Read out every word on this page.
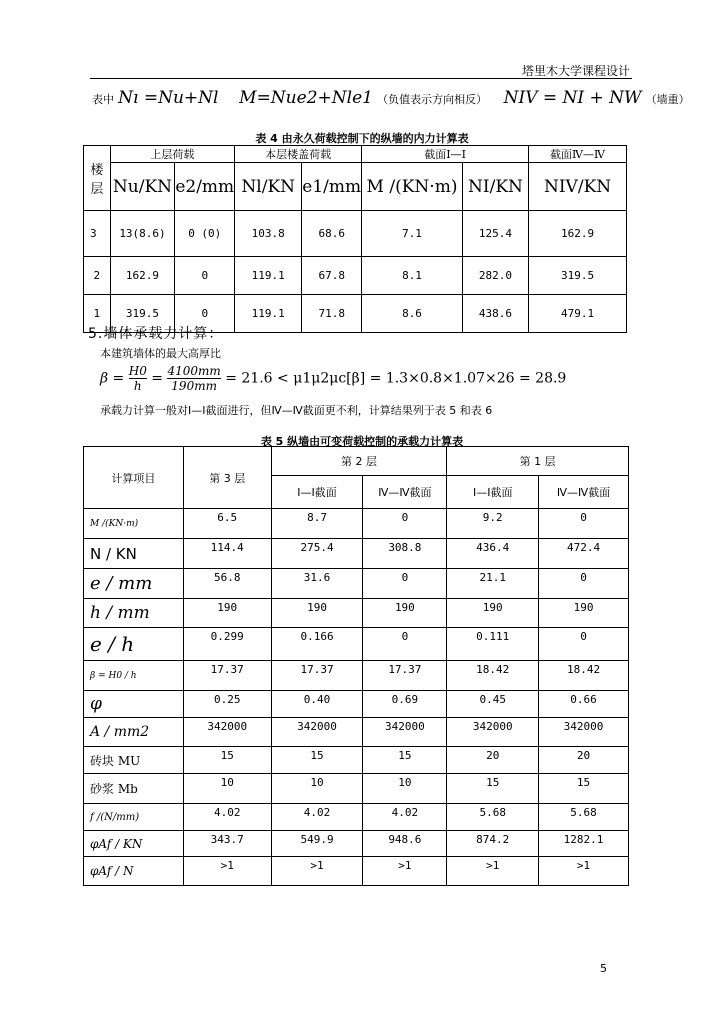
塔里木大学课程设计
表中 Nı =Nu+Nl M=Nue2+Nle1 （负值表示方向相反） NIV = NI + NW （墙重）
表 4 由永久荷载控制下的纵墙的内力计算表
楼层	上层荷载		本层楼盖荷载		截面Ⅰ—Ⅰ		截面Ⅳ—Ⅳ
	Nu/KN	e2/mm	Nl/KN	e1/mm	M /(KN·m)	NI/KN	NIV/KN
3	13(8.6)	0 (0)	103.8	68.6	7.1	125.4	162.9
2	162.9	0	119.1	67.8	8.1	282.0	319.5
1	319.5	0	119.1	71.8	8.6	438.6	479.1
5.墙体承载力计算：
本建筑墙体的最大高厚比
$\beta = \frac{H0}{h} = \frac{4100mm}{190mm} = 21.6 < \mu 1\mu 2\mu c[\beta] = 1.3\times 0.8\times 1.07\times 26 = 28.9$
承载力计算一般对Ⅰ—Ⅰ截面进行，但Ⅳ—Ⅳ截面更不利，计算结果列于表 5 和表 6
表 5 纵墙由可变荷载控制的承载力计算表
计算项目	第 3 层	第 2 层		第 1 层	
		Ⅰ—Ⅰ截面	Ⅳ—Ⅳ截面	Ⅰ—Ⅰ截面	Ⅳ—Ⅳ截面
M /(KN·m)	6.5	8.7	0	9.2	0
N / KN	114.4	275.4	308.8	436.4	472.4
e / mm	56.8	31.6	0	21.1	0
h / mm	190	190	190	190	190
e / h	0.299	0.166	0	0.111	0
β = H0 / h	17.37	17.37	17.37	18.42	18.42
φ	0.25	0.40	0.69	0.45	0.66
A / mm2	342000	342000	342000	342000	342000
砖块 MU	15	15	15	20	20
砂浆 Mb	10	10	10	15	15
f /(N/mm)	4.02	4.02	4.02	5.68	5.68
φAf / KN	343.7	549.9	948.6	874.2	1282.1
φAf / N	>1	>1	>1	>1	>1
5
